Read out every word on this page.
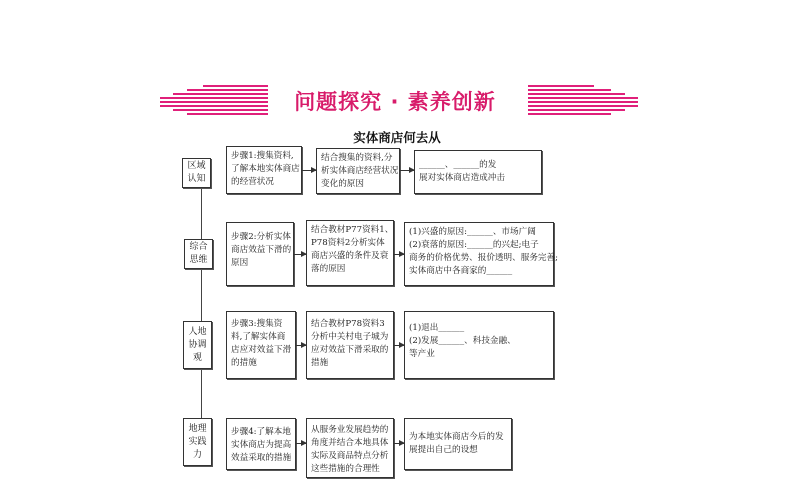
问题探究 · 素养创新
实体商店何去从
区域认知
步骤1:搜集资料,
了解本地实体商店
的经营状况
结合搜集的资料,分
析实体商店经营状况
变化的原因
______、______的发
展对实体商店造成冲击
综合思维
步骤2:分析实体
商店效益下滑的
原因
结合教材P77资料1、
P78资料2分析实体
商店兴盛的条件及衰
落的原因
(1)兴盛的原因:______、市场广阔
(2)衰落的原因:______的兴起;电子
商务的价格优势、报价透明、服务完善;
实体商店中各商家的______
人地协调观
步骤3:搜集资
料,了解实体商
店应对效益下滑
的措施
结合教材P78资料3
分析中关村电子城为
应对效益下滑采取的
措施
(1)退出______
(2)发展______、科技金融、
等产业
地理实践力
步骤4:了解本地
实体商店为提高
效益采取的措施
从服务业发展趋势的
角度并结合本地具体
实际及商品特点分析
这些措施的合理性
为本地实体商店今后的发
展提出自己的设想
